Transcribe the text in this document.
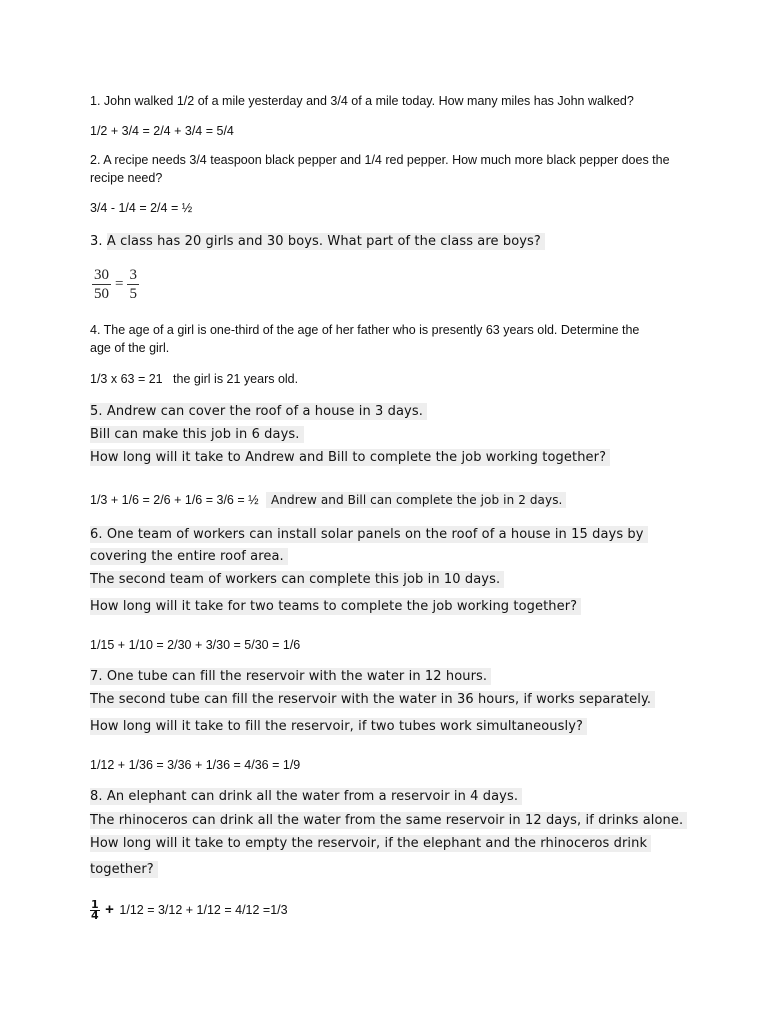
1. John walked 1/2 of a mile yesterday and 3/4 of a mile today. How many miles has John walked?
1/2 + 3/4 = 2/4 + 3/4 = 5/4
2. A recipe needs 3/4 teaspoon black pepper and 1/4 red pepper. How much more black pepper does the
recipe need?
3/4 - 1/4 = 2/4 = ½
3. A class has 20 girls and 30 boys. What part of the class are boys?
$\frac{30}{50} = \frac{3}{5}$
4. The age of a girl is one-third of the age of her father who is presently 63 years old. Determine the
age of the girl.
1/3 x 63 = 21   the girl is 21 years old.
5. Andrew can cover the roof of a house in 3 days.
Bill can make this job in 6 days.
How long will it take to Andrew and Bill to complete the job working together?
1/3 + 1/6 = 2/6 + 1/6 = 3/6 = ½ Andrew and Bill can complete the job in 2 days.
6. One team of workers can install solar panels on the roof of a house in 15 days by
covering the entire roof area.
The second team of workers can complete this job in 10 days.
How long will it take for two teams to complete the job working together?
1/15 + 1/10 = 2/30 + 3/30 = 5/30 = 1/6
7. One tube can fill the reservoir with the water in 12 hours.
The second tube can fill the reservoir with the water in 36 hours, if works separately.
How long will it take to fill the reservoir, if two tubes work simultaneously?
1/12 + 1/36 = 3/36 + 1/36 = 4/36 = 1/9
8. An elephant can drink all the water from a reservoir in 4 days.
The rhinoceros can drink all the water from the same reservoir in 12 days, if drinks alone.
How long will it take to empty the reservoir, if the elephant and the rhinoceros drink
together?
$\frac{1}{4} + 1/12 = 3/12 + 1/12 = 4/12 =1/3$
